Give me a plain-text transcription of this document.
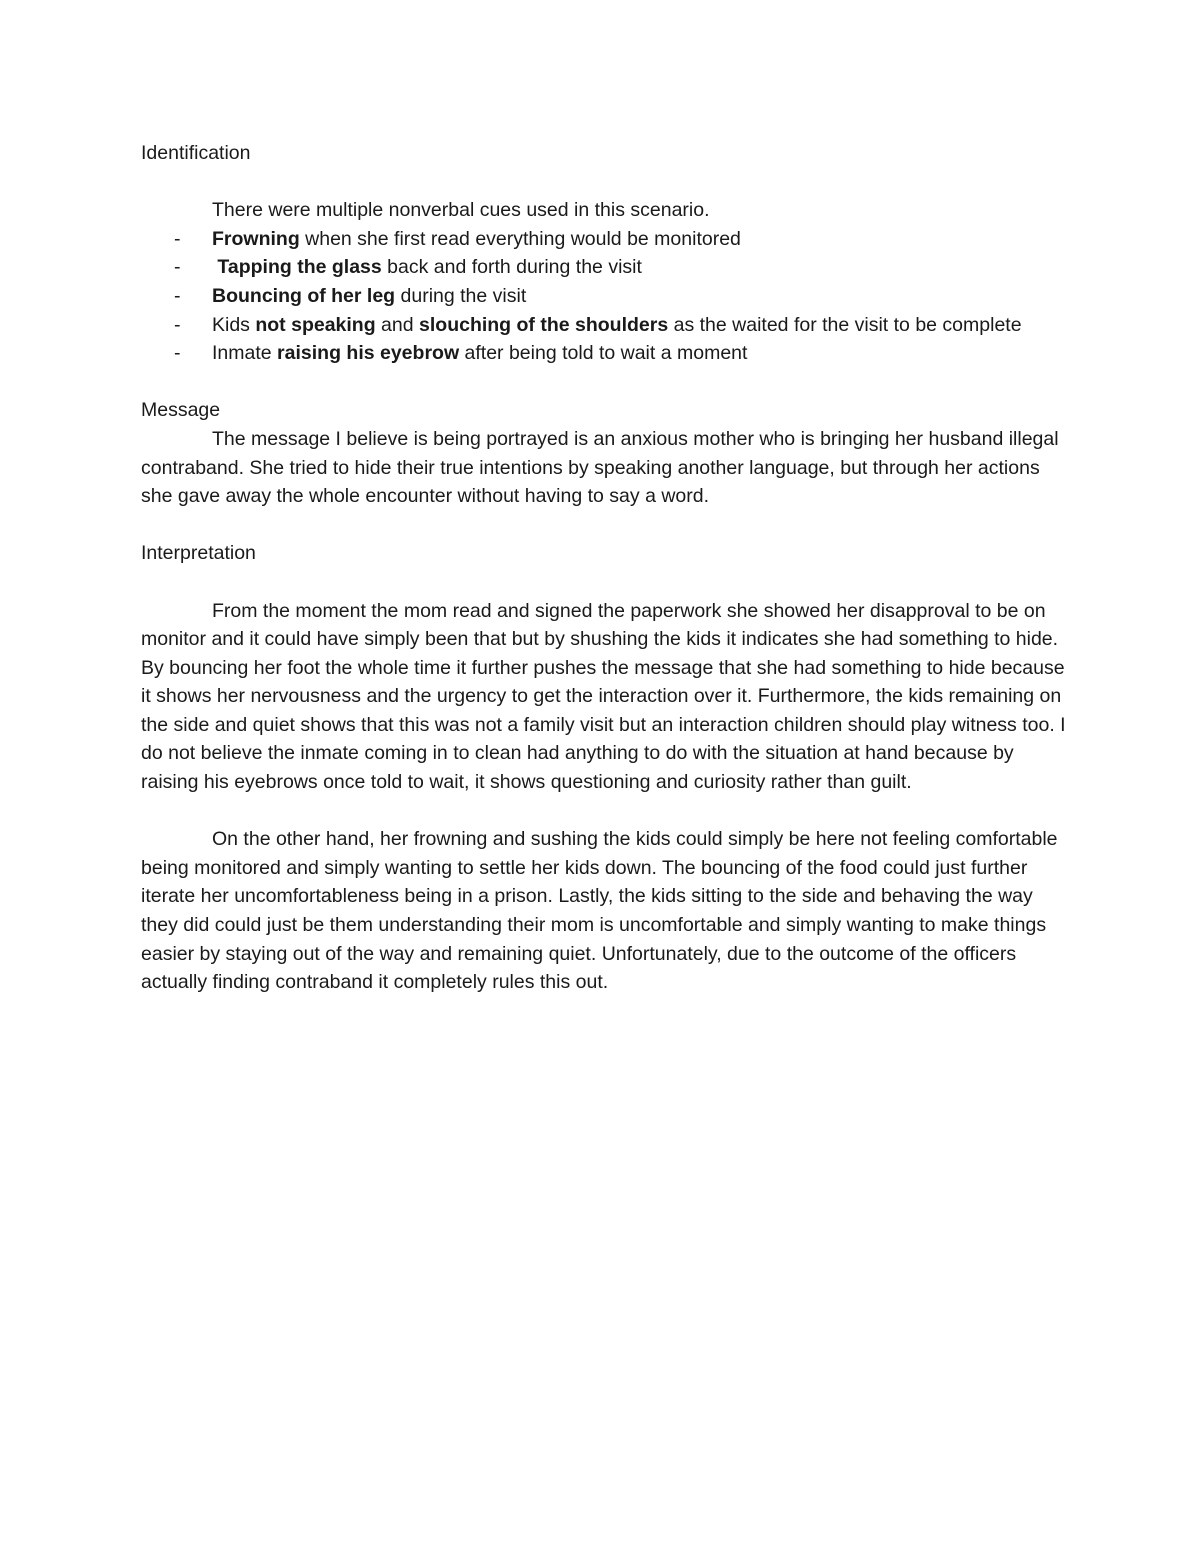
Identification

There were multiple nonverbal cues used in this scenario.

- Frowning when she first read everything would be monitored
- Tapping the glass back and forth during the visit
- Bouncing of her leg during the visit
- Kids not speaking and slouching of the shoulders as the waited for the visit to be complete
- Inmate raising his eyebrow after being told to wait a moment

Message

The message I believe is being portrayed is an anxious mother who is bringing her husband illegal contraband. She tried to hide their true intentions by speaking another language, but through her actions she gave away the whole encounter without having to say a word.

Interpretation

From the moment the mom read and signed the paperwork she showed her disapproval to be on monitor and it could have simply been that but by shushing the kids it indicates she had something to hide. By bouncing her foot the whole time it further pushes the message that she had something to hide because it shows her nervousness and the urgency to get the interaction over it. Furthermore, the kids remaining on the side and quiet shows that this was not a family visit but an interaction children should play witness too. I do not believe the inmate coming in to clean had anything to do with the situation at hand because by raising his eyebrows once told to wait, it shows questioning and curiosity rather than guilt.

On the other hand, her frowning and sushing the kids could simply be here not feeling comfortable being monitored and simply wanting to settle her kids down. The bouncing of the food could just further iterate her uncomfortableness being in a prison. Lastly, the kids sitting to the side and behaving the way they did could just be them understanding their mom is uncomfortable and simply wanting to make things easier by staying out of the way and remaining quiet. Unfortunately, due to the outcome of the officers actually finding contraband it completely rules this out.
